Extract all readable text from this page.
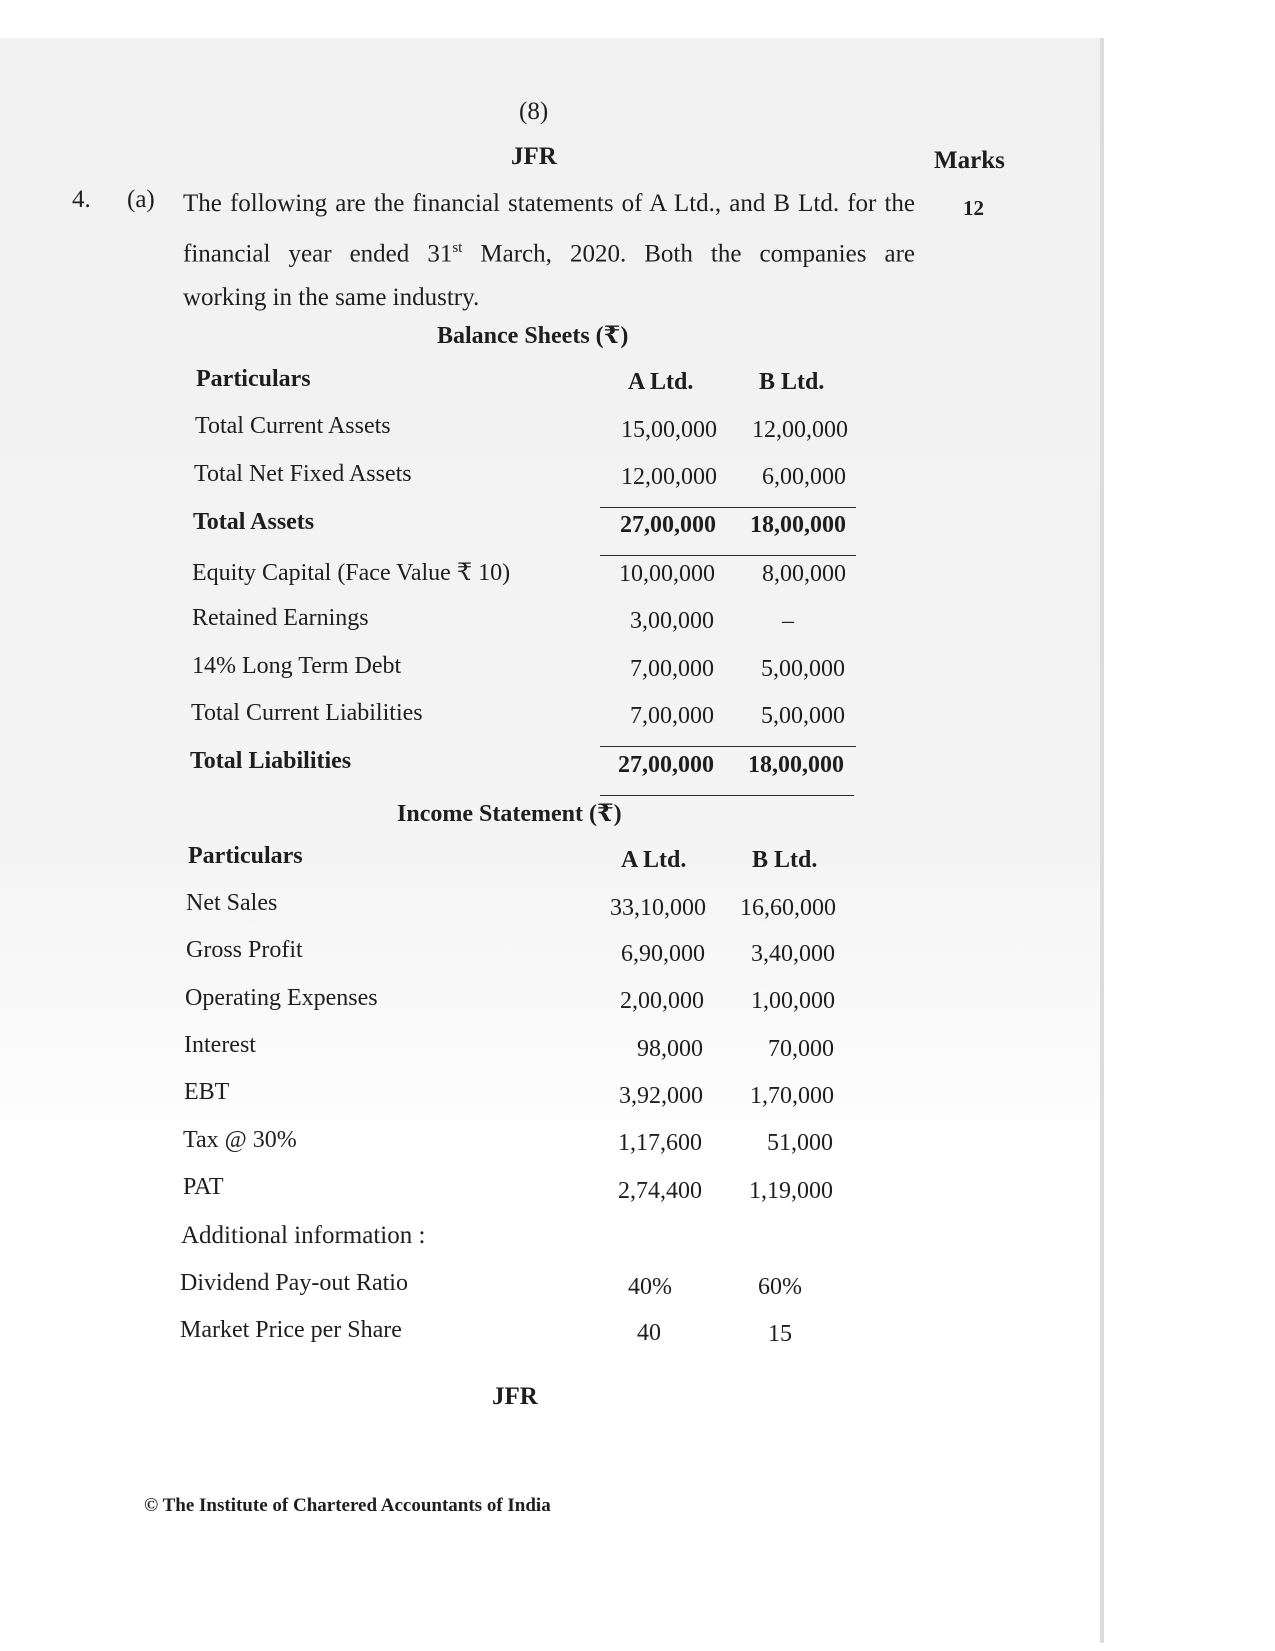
(8)
JFR	Marks
4. (a)	12
The following are the financial statements of A Ltd., and B Ltd. for the
financial year ended 31st March, 2020. Both the companies are
working in the same industry.
Balance Sheets (₹)
Particulars	A Ltd.	B Ltd.
Total Current Assets	15,00,000 12,00,000
Total Net Fixed Assets	12,00,000 6,00,000
Total Assets	27,00,000 18,00,000
Equity Capital (Face Value ₹ 10)	10,00,000 8,00,000
Retained Earnings	3,00,000	–
14% Long Term Debt	7,00,000 5,00,000
Total Current Liabilities	7,00,000 5,00,000
Total Liabilities	27,00,000 18,00,000
Income Statement (₹)
Particulars	A Ltd.	B Ltd.
Net Sales	33,10,000 16,60,000
Gross Profit	6,90,000 3,40,000
Operating Expenses	2,00,000 1,00,000
Interest	98,000	70,000
EBT	3,92,000 1,70,000
Tax @ 30%	1,17,600	51,000
PAT	2,74,400 1,19,000
Additional information :
Dividend Pay-out Ratio	40%	60%
Market Price per Share	40	15
JFR
© The Institute of Chartered Accountants of India
